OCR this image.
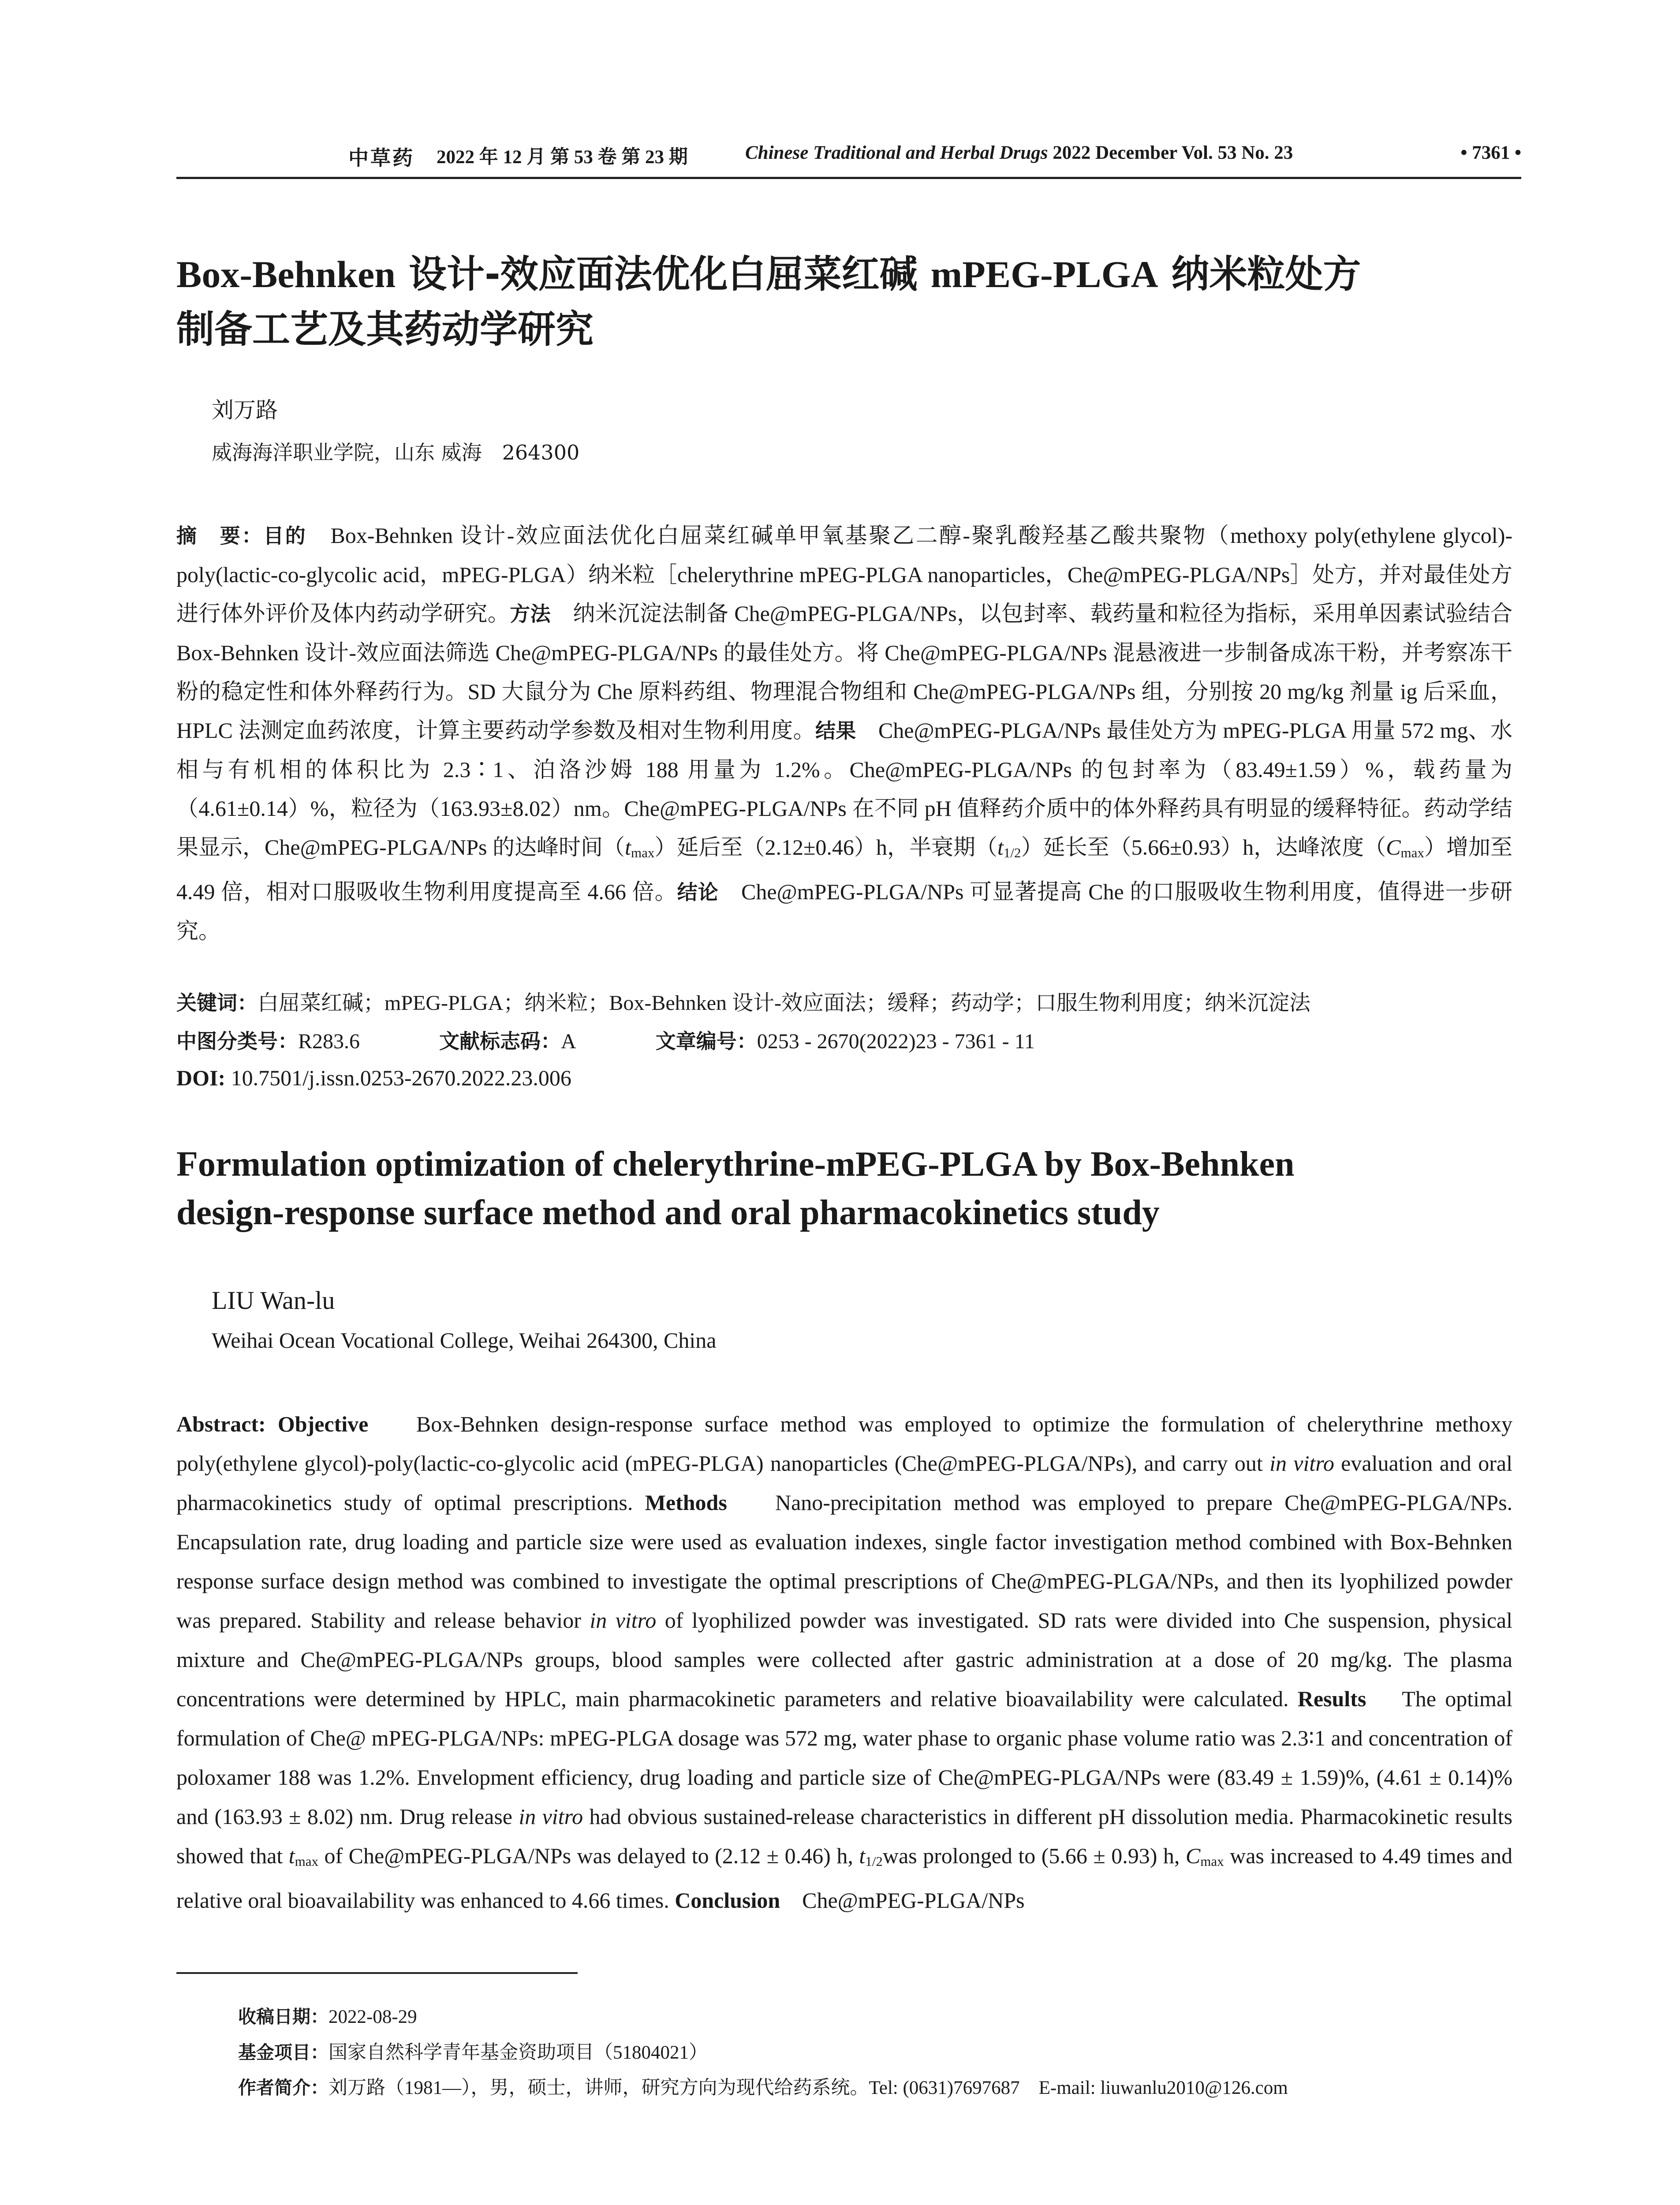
中草药 2022 年 12 月 第 53 卷 第 23 期	Chinese Traditional and Herbal Drugs 2022 December Vol. 53 No. 23	• 7361 •
Box-Behnken 设计-效应面法优化白屈菜红碱 mPEG-PLGA 纳米粒处方
制备工艺及其药动学研究
刘万路
威海海洋职业学院，山东 威海　264300
摘　要：目的　 Box-Behnken 设计-效应面法优化白屈菜红碱单甲氧基聚乙二醇-聚乳酸羟基乙酸共聚物（methoxy poly(ethylene glycol)-poly(lactic-co-glycolic acid，mPEG-PLGA）纳米粒［chelerythrine mPEG-PLGA nanoparticles，Che@mPEG-PLGA/NPs］处方，并对最佳处方进行体外评价及体内药动学研究。方法　 纳米沉淀法制备 Che@mPEG-PLGA/NPs，以包封率、载药量和粒径为指标，采用单因素试验结合 Box-Behnken 设计-效应面法筛选 Che@mPEG-PLGA/NPs 的最佳处方。将 Che@mPEG-PLGA/NPs 混悬液进一步制备成冻干粉，并考察冻干粉的稳定性和体外释药行为。SD 大鼠分为 Che 原料药组、物理混合物组和 Che@mPEG-PLGA/NPs 组，分别按 20 mg/kg 剂量 ig 后采血，HPLC 法测定血药浓度，计算主要药动学参数及相对生物利用度。结果　 Che@mPEG-PLGA/NPs 最佳处方为 mPEG-PLGA 用量 572 mg、水相与有机相的体积比为 2.3∶1、泊洛沙姆 188 用量为 1.2%。Che@mPEG-PLGA/NPs 的包封率为（83.49±1.59）%，载药量为（4.61±0.14）%，粒径为（163.93±8.02）nm。Che@mPEG-PLGA/NPs 在不同 pH 值释药介质中的体外释药具有明显的缓释特征。药动学结果显示，Che@mPEG-PLGA/NPs 的达峰时间$(t_{max})$延后至（2.12±0.46）h，半衰期$(t_{1/2})$延长至（5.66±0.93）h，达峰浓度$(C_{max})$增加至 4.49 倍，相对口服吸收生物利用度提高至 4.66 倍。结论　 Che@mPEG-PLGA/NPs 可显著提高 Che 的口服吸收生物利用度，值得进一步研究。
关键词：白屈菜红碱；mPEG-PLGA；纳米粒；Box-Behnken 设计-效应面法；缓释；药动学；口服生物利用度；纳米沉淀法
中图分类号：R283.6	文献标志码：A	文章编号：0253 - 2670(2022)23 - 7361 - 11
DOI: 10.7501/j.issn.0253-2670.2022.23.006
Formulation optimization of chelerythrine-mPEG-PLGA by Box-Behnken
design-response surface method and oral pharmacokinetics study
LIU Wan-lu
Weihai Ocean Vocational College, Weihai 264300, China
Abstract: Objective Box-Behnken design-response surface method was employed to optimize the formulation of chelerythrine methoxy poly(ethylene glycol)-poly(lactic-co-glycolic acid (mPEG-PLGA) nanoparticles (Che@mPEG-PLGA/NPs), and carry out in vitro evaluation and oral pharmacokinetics study of optimal prescriptions. Methods Nano-precipitation method was employed to prepare Che@mPEG-PLGA/NPs. Encapsulation rate, drug loading and particle size were used as evaluation indexes, single factor investigation method combined with Box-Behnken response surface design method was combined to investigate the optimal prescriptions of Che@mPEG-PLGA/NPs, and then its lyophilized powder was prepared. Stability and release behavior in vitro of lyophilized powder was investigated. SD rats were divided into Che suspension, physical mixture and Che@mPEG-PLGA/NPs groups, blood samples were collected after gastric administration at a dose of 20 mg/kg. The plasma concentrations were determined by HPLC, main pharmacokinetic parameters and relative bioavailability were calculated. Results The optimal formulation of Che@ mPEG-PLGA/NPs: mPEG-PLGA dosage was 572 mg, water phase to organic phase volume ratio was 2.3∶1 and concentration of poloxamer 188 was 1.2%. Envelopment efficiency, drug loading and particle size of Che@mPEG-PLGA/NPs were (83.49 ± 1.59)%, (4.61 ± 0.14)% and (163.93 ± 8.02) nm. Drug release in vitro had obvious sustained-release characteristics in different pH dissolution media. Pharmacokinetic results showed that $t_{max}$ of Che@mPEG-PLGA/NPs was delayed to (2.12 ± 0.46) h, $t_{1/2}was$ prolonged to (5.66 ± 0.93) h, $C_{max}$ was increased to 4.49 times and relative oral bioavailability was enhanced to 4.66 times. Conclusion Che@mPEG-PLGA/NPs
收稿日期：2022-08-29
基金项目：国家自然科学青年基金资助项目（51804021）
作者简介：刘万路（1981—），男，硕士，讲师，研究方向为现代给药系统。Tel: (0631)7697687　E-mail: liuwanlu2010@126.com
